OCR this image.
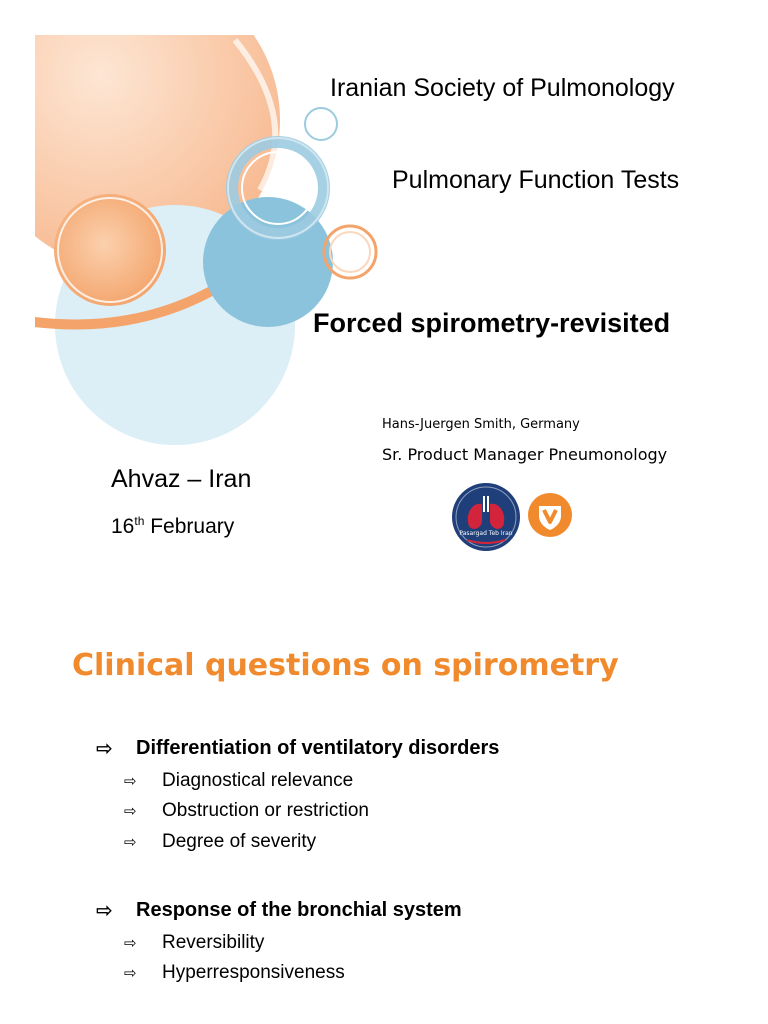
Iranian Society of Pulmonology
Pulmonary Function Tests
Forced spirometry-revisited
Hans-Juergen Smith, Germany
Sr. Product Manager Pneumonology
Ahvaz – Iran
16th February	Pasargad Teb Iran
Clinical questions on spirometry
⇨	Differentiation of ventilatory disorders
⇨	Diagnostical relevance
⇨	Obstruction or restriction
⇨	Degree of severity
⇨	Response of the bronchial system
⇨	Reversibility
⇨	Hyperresponsiveness
